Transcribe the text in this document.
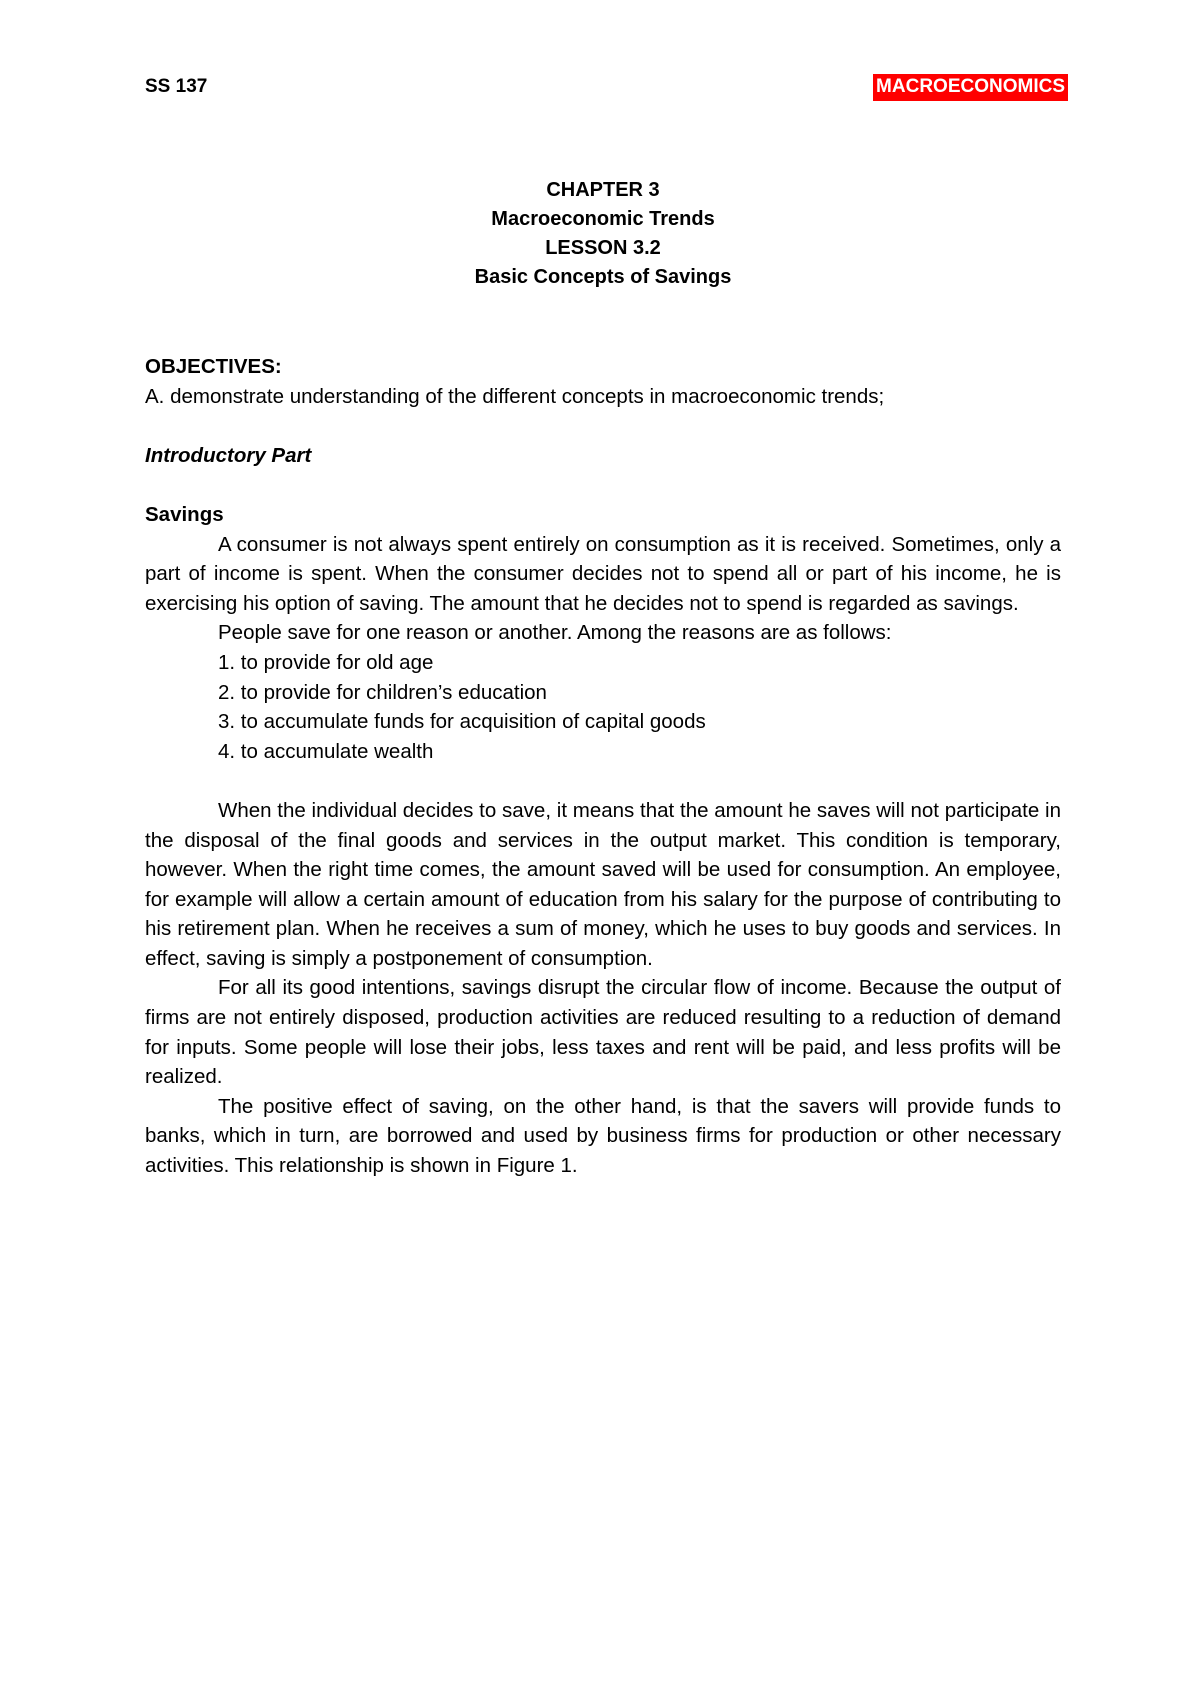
SS 137	MACROECONOMICS
CHAPTER 3
Macroeconomic Trends
LESSON 3.2
Basic Concepts of Savings

OBJECTIVES:

A. demonstrate understanding of the different concepts in macroeconomic trends;

Introductory Part

Savings

A consumer is not always spent entirely on consumption as it is received. Sometimes, only a part of income is spent. When the consumer decides not to spend all or part of his income, he is exercising his option of saving. The amount that he decides not to spend is regarded as savings.

People save for one reason or another. Among the reasons are as follows:

1. to provide for old age

2. to provide for children’s education

3. to accumulate funds for acquisition of capital goods

4. to accumulate wealth

When the individual decides to save, it means that the amount he saves will not participate in the disposal of the final goods and services in the output market. This condition is temporary, however. When the right time comes, the amount saved will be used for consumption. An employee, for example will allow a certain amount of education from his salary for the purpose of contributing to his retirement plan. When he receives a sum of money, which he uses to buy goods and services. In effect, saving is simply a postponement of consumption.

For all its good intentions, savings disrupt the circular flow of income. Because the output of firms are not entirely disposed, production activities are reduced resulting to a reduction of demand for inputs. Some people will lose their jobs, less taxes and rent will be paid, and less profits will be realized.

The positive effect of saving, on the other hand, is that the savers will provide funds to banks, which in turn, are borrowed and used by business firms for production or other necessary activities. This relationship is shown in Figure 1.
